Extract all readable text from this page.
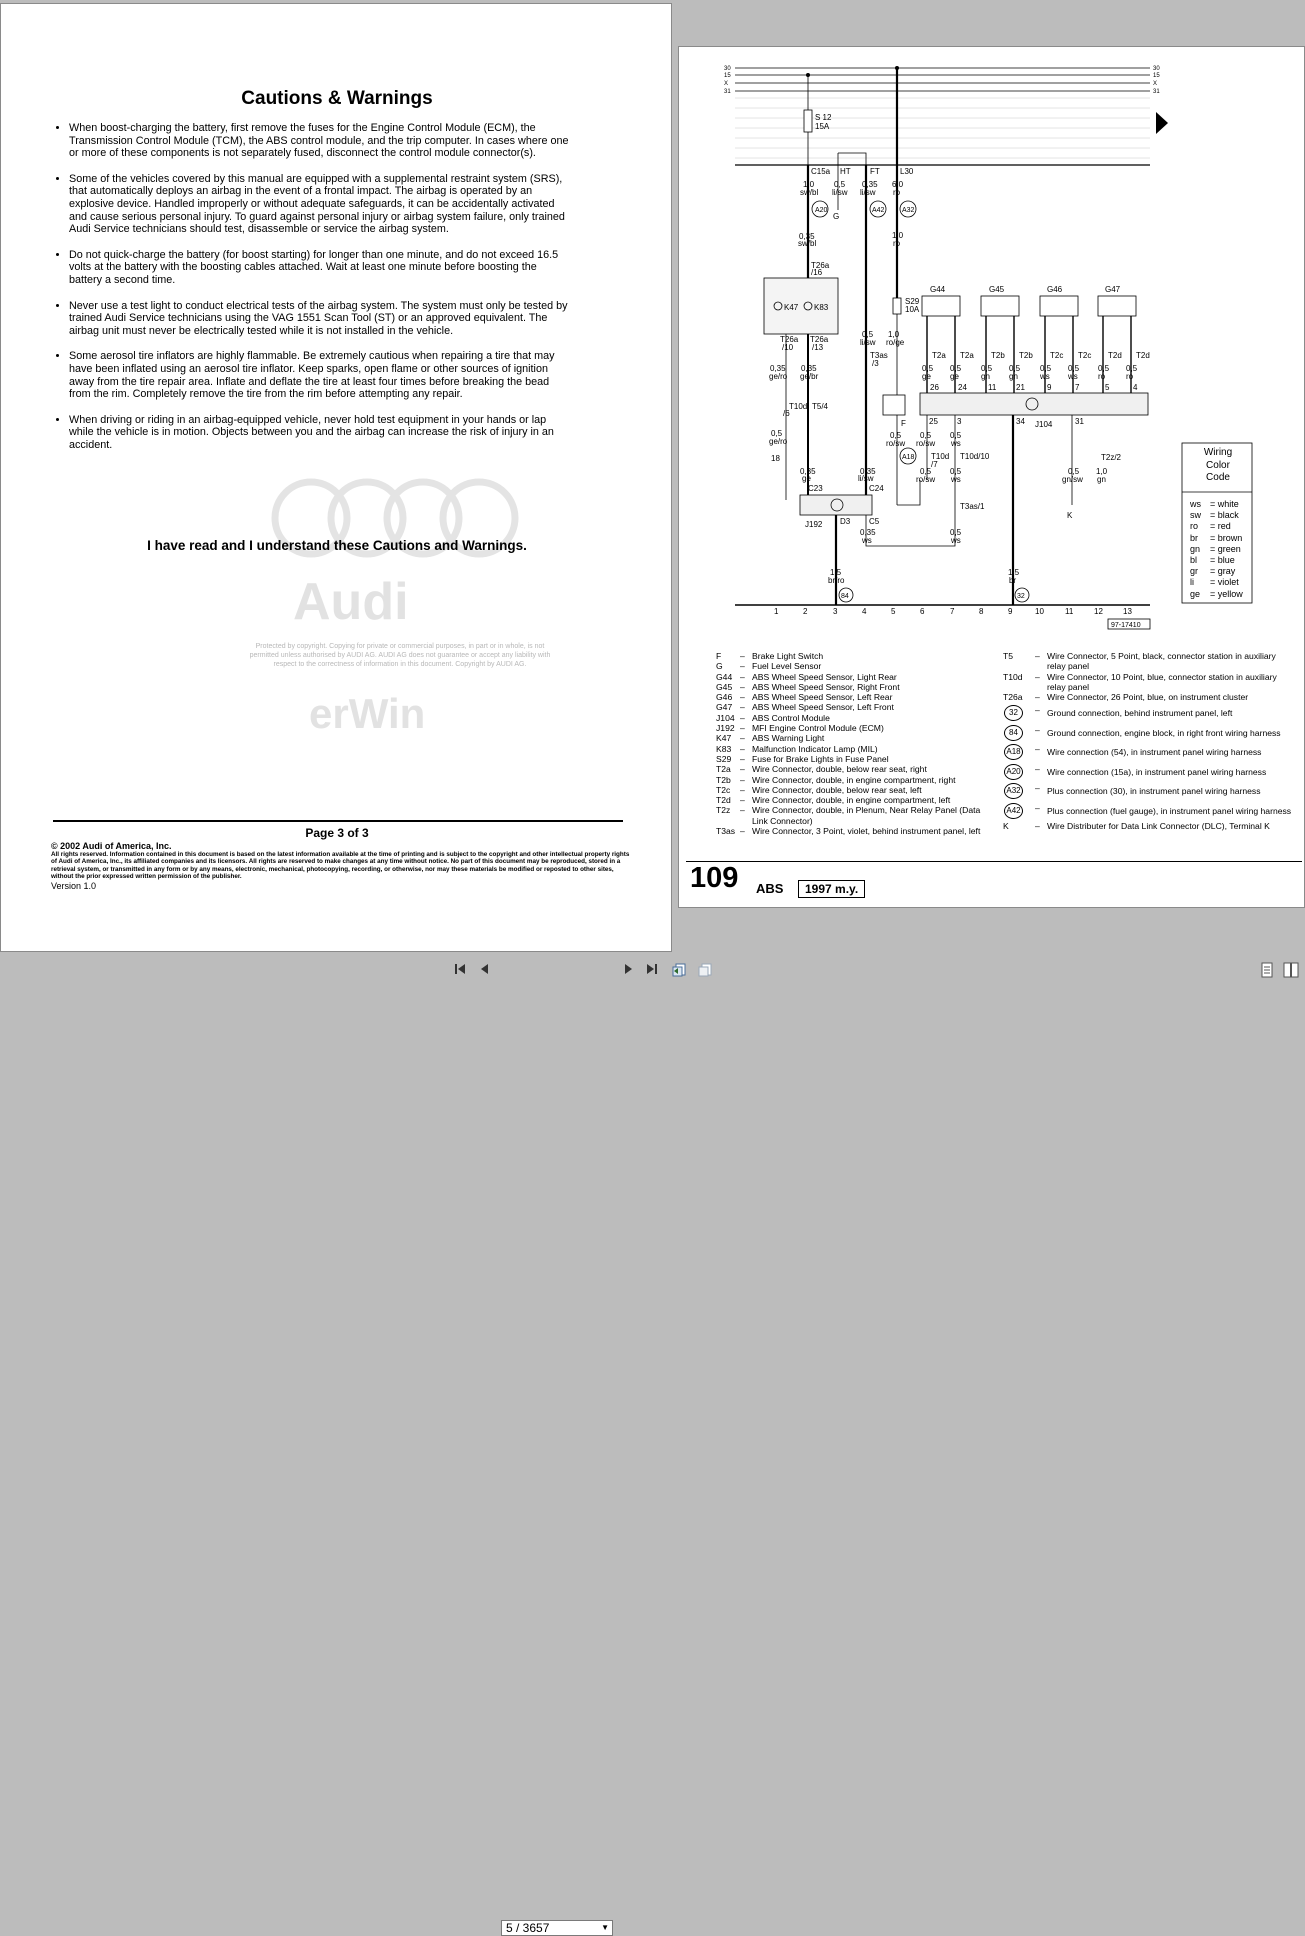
Audi
Protected by copyright. Copying for private or commercial purposes, in part or in whole, is not permitted unless authorised by AUDI AG. AUDI AG does not guarantee or accept any liability with respect to the correctness of information in this document. Copyright by AUDI AG.
erWin
Cautions & Warnings
• When boost-charging the battery, first remove the fuses for the Engine Control Module (ECM), the Transmission Control Module (TCM), the ABS control module, and the trip computer. In cases where one or more of these components is not separately fused, disconnect the control module connector(s).
• Some of the vehicles covered by this manual are equipped with a supplemental restraint system (SRS), that automatically deploys an airbag in the event of a frontal impact. The airbag is operated by an explosive device. Handled improperly or without adequate safeguards, it can be accidentally activated and cause serious personal injury. To guard against personal injury or airbag system failure, only trained Audi Service technicians should test, disassemble or service the airbag system.
• Do not quick-charge the battery (for boost starting) for longer than one minute, and do not exceed 16.5 volts at the battery with the boosting cables attached. Wait at least one minute before boosting the battery a second time.
• Never use a test light to conduct electrical tests of the airbag system. The system must only be tested by trained Audi Service technicians using the VAG 1551 Scan Tool (ST) or an approved equivalent. The airbag unit must never be electrically tested while it is not installed in the vehicle.
• Some aerosol tire inflators are highly flammable. Be extremely cautious when repairing a tire that may have been inflated using an aerosol tire inflator. Keep sparks, open flame or other sources of ignition away from the tire repair area. Inflate and deflate the tire at least four times before breaking the bead from the rim. Completely remove the tire from the rim before attempting any repair.
• When driving or riding in an airbag-equipped vehicle, never hold test equipment in your hands or lap while the vehicle is in motion. Objects between you and the airbag can increase the risk of injury in an accident.
I have read and I understand these Cautions and Warnings.
Page 3 of 3
© 2002 Audi of America, Inc.
All rights reserved. Information contained in this document is based on the latest information available at the time of printing and is subject to the copyright and other intellectual property rights of Audi of America, Inc., its affiliated companies and its licensors. All rights are reserved to make changes at any time without notice. No part of this document may be reproduced, stored in a retrieval system, or transmitted in any form or by any means, electronic, mechanical, photocopying, recording, or otherwise, nor may these materials be modified or reposted to other sites, without the prior expressed written permission of the publisher.
Version 1.0
30
15
X
31
30
15
X
31
S 12
15A
C15a HT FT	L30
1,0
sw/bl
0,5
li/sw
0,35
li/sw
6,0
ro
G
0,35
sw/bl
T26a
/16
1,0
ro
K47 K83
S29
10A
1,0
ro/ge
0,5
li/sw
T3as
/3
T26a
/10
T26a
/13
0,35
ge/ro
0,35
ge/br
T10d
/6
T5/4
0,5
ge/ro
0,35
ge
C23	C24
0,35
li/sw
J192 D3 C5
0,35
ws
1,5
br/ro
1,5
br
G44	G45	G46	G47
T2a T2a T2b T2b T2c T2c T2d T2d
0,5 0,5 0,5 0,5 0,5 0,5 0,5 0,5
ge ge	gn gn	ws ws	ro	ro
26 24	11 21	9	7	5	4
25 3	34	31
J104
F
0,5
ro/sw
0,5
ro/sw
0,5
ws
T10d
/7
T10d/10
0,5
ro/sw
0,5
ws
T3as/1
T2z/2
0,5
gn/sw
1,0
gn
K
0,5
ws
A20	A42	A32
A18
84	32
18
1	2	3	4	5	6	7	8	9	10	11	12	13
97-17410
Wiring Color Code
ws = white
sw = black
ro = red
br = brown
gn = green
bl = blue
gr = gray
li = violet
ge = yellow
F	– Brake Light Switch
G	– Fuel Level Sensor
G44 – ABS Wheel Speed Sensor, Light Rear
G45 – ABS Wheel Speed Sensor, Right Front
G46 – ABS Wheel Speed Sensor, Left Rear
G47 – ABS Wheel Speed Sensor, Left Front
J104 – ABS Control Module
J192 – MFI Engine Control Module (ECM)
K47	– ABS Warning Light
K83	– Malfunction Indicator Lamp (MIL)
S29	– Fuse for Brake Lights in Fuse Panel
T2a	– Wire Connector, double, below rear seat, right
T2b	– Wire Connector, double, in engine compartment, right
T2c	– Wire Connector, double, below rear seat, left
T2d	– Wire Connector, double, in engine compartment, left
T2z	– Wire Connector, double, in Plenum, Near Relay Panel (Data Link Connector)
T3as – Wire Connector, 3 Point, violet, behind instrument panel, left
T5	– Wire Connector, 5 Point, black, connector station in auxiliary relay panel
T10d	– Wire Connector, 10 Point, blue, connector station in auxiliary relay panel
T26a	– Wire Connector, 26 Point, blue, on instrument cluster
32	– Ground connection, behind instrument panel, left
84	– Ground connection, engine block, in right front wiring harness
A18	– Wire connection (54), in instrument panel wiring harness
A20	– Wire connection (15a), in instrument panel wiring harness
A32	– Plus connection (30), in instrument panel wiring harness
A42	– Plus connection (fuel gauge), in instrument panel wiring harness
K	– Wire Distributer for Data Link Connector (DLC), Terminal K
109 ABS	1997 m.y.
5 / 3657	▼
